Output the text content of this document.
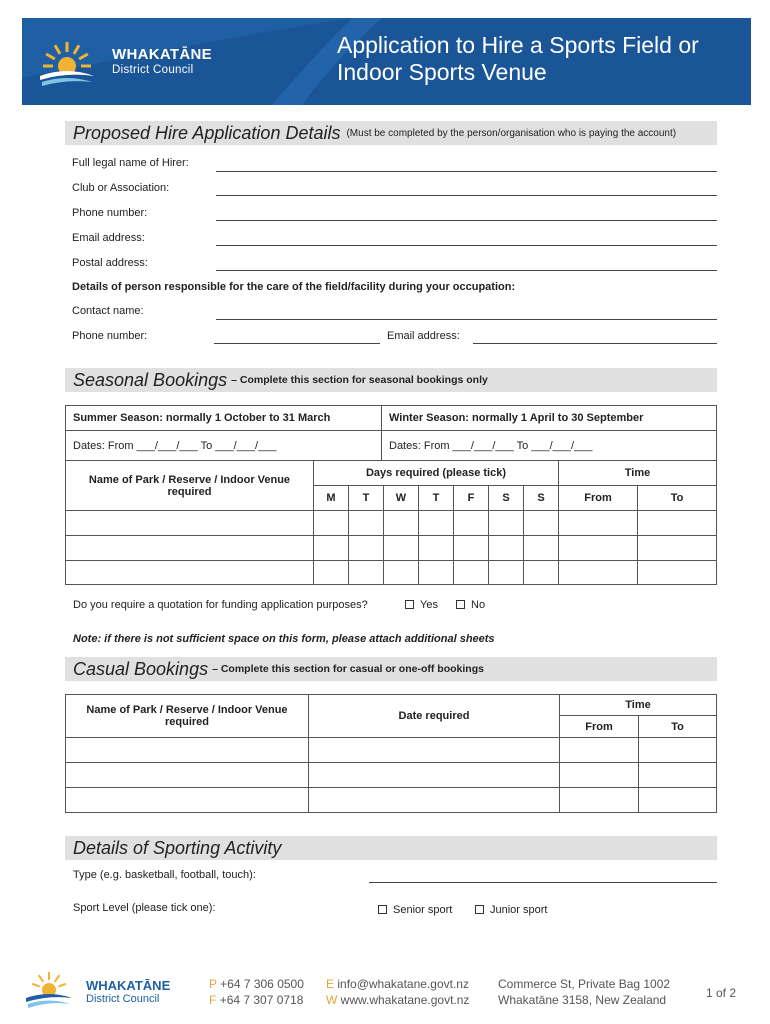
WHAKATĀNE
District Council
Application to Hire a Sports Field or Indoor Sports Venue
Proposed Hire Application Details (Must be completed by the person/organisation who is paying the account)
Full legal name of Hirer:
Club or Association:
Phone number:
Email address:
Postal address:
Details of person responsible for the care of the field/facility during your occupation:
Contact name:
Phone number:	Email address:
Seasonal Bookings – Complete this section for seasonal bookings only
Summer Season: normally 1 October to 31 March	Winter Season: normally 1 April to 30 September
Dates: From ___/___/___ To ___/___/___	Dates: From ___/___/___ To ___/___/___
Name of Park / Reserve / Indoor Venue required	Days required (please tick)							Time	
	M	T	W	T	F	S	S	From	To

Do you require a quotation for funding application purposes?	Yes	No
Note: if there is not sufficient space on this form, please attach additional sheets
Casual Bookings – Complete this section for casual or one-off bookings
Name of Park / Reserve / Indoor Venue required	Date required	Time	
		From	To

Details of Sporting Activity
Type (e.g. basketball, football, touch):
Sport Level (please tick one):	Senior sport	Junior sport
WHAKATĀNE
District Council
P +64 7 306 0500
F +64 7 307 0718
E info@whakatane.govt.nz
W www.whakatane.govt.nz
Commerce St, Private Bag 1002
Whakatāne 3158, New Zealand	1 of 2
